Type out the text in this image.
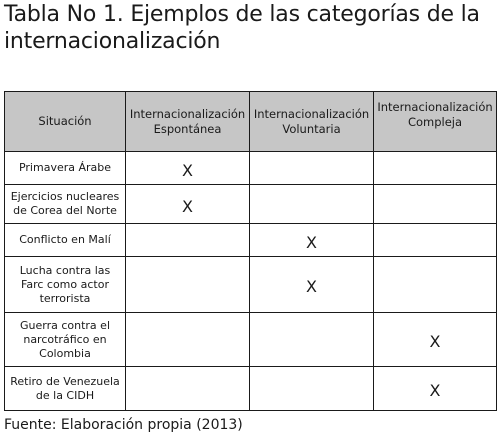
Tabla No 1. Ejemplos de las categorías de la internacionalización
Situación	Internacionalización Espontánea	Internacionalización Voluntaria	Internacionalización Compleja
Primavera Árabe	X		
Ejercicios nucleares de Corea del Norte	X		
Conflicto en Malí		X	
Lucha contra las Farc como actor terrorista		X	
Guerra contra el narcotráfico en Colombia			X
Retiro de Venezuela de la CIDH			X

Fuente: Elaboración propia (2013)
